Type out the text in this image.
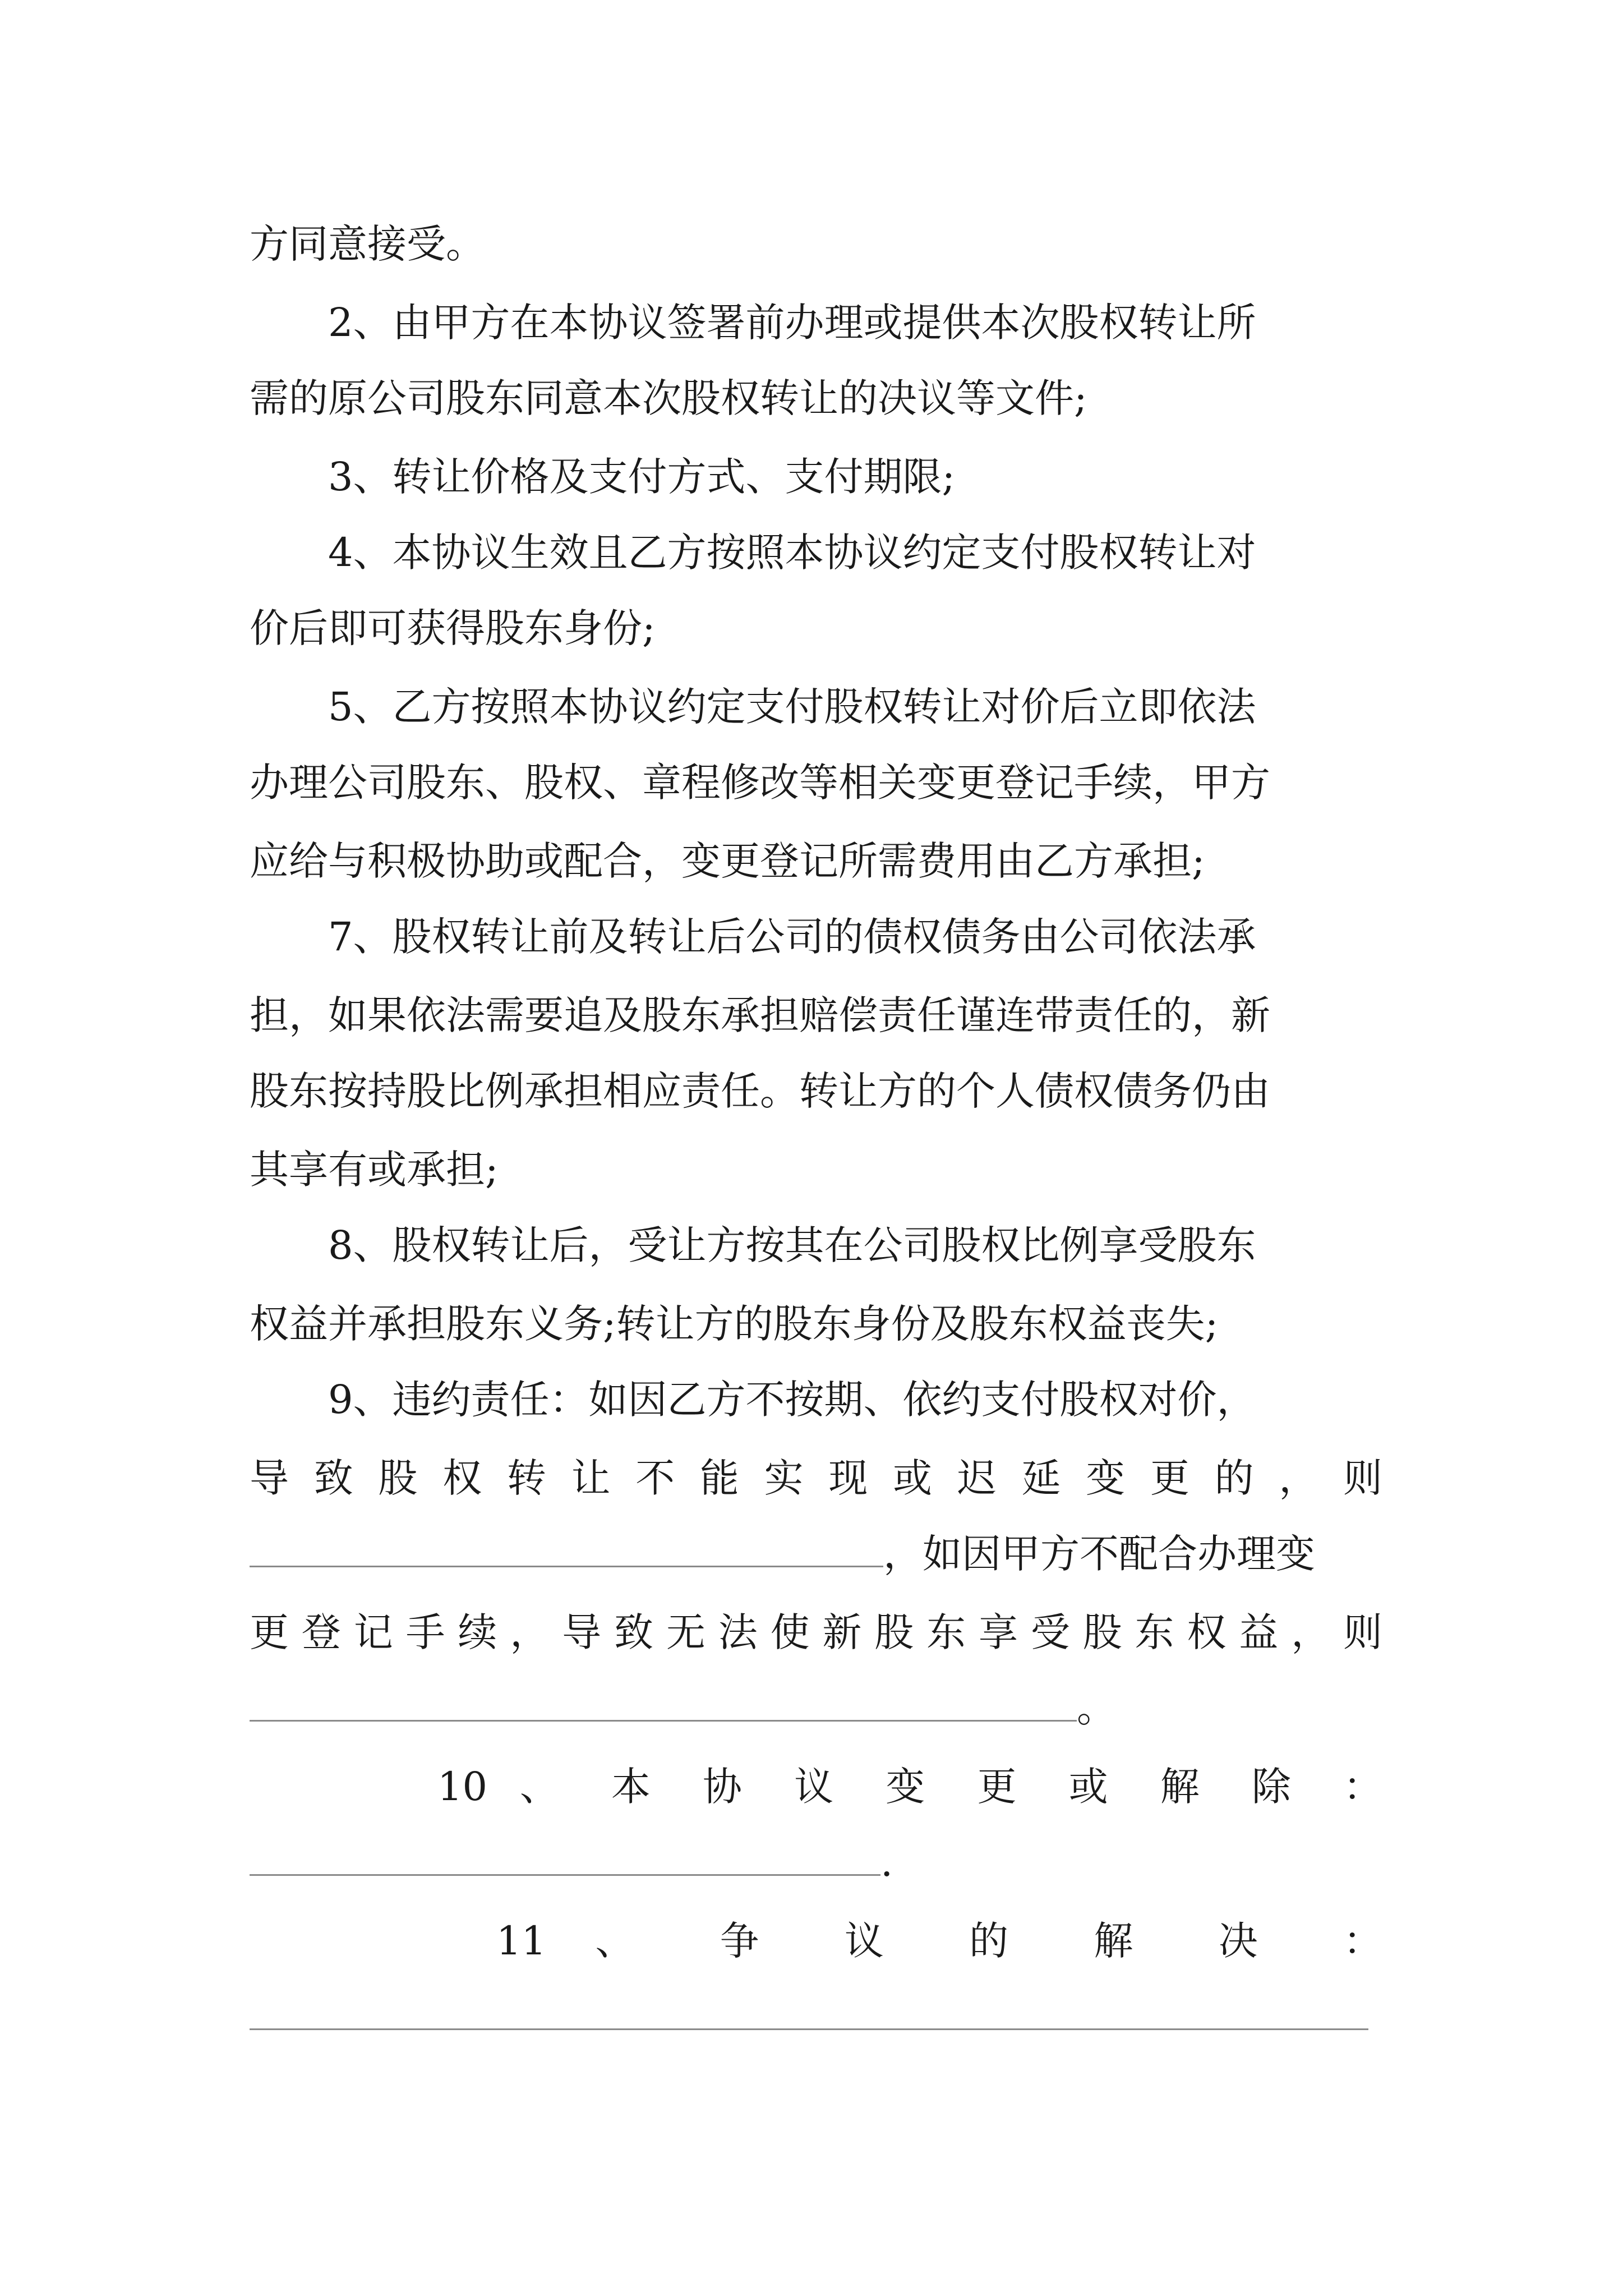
方同意接受。
2、由甲方在本协议签署前办理或提供本次股权转让所
需的原公司股东同意本次股权转让的决议等文件;
3、转让价格及支付方式、支付期限;
4、本协议生效且乙方按照本协议约定支付股权转让对
价后即可获得股东身份;
5、乙方按照本协议约定支付股权转让对价后立即依法
办理公司股东、股权、章程修改等相关变更登记手续，甲方
应给与积极协助或配合，变更登记所需费用由乙方承担;
7、股权转让前及转让后公司的债权债务由公司依法承
担，如果依法需要追及股东承担赔偿责任谨连带责任的，新
股东按持股比例承担相应责任。转让方的个人债权债务仍由
其享有或承担;
8、股权转让后，受让方按其在公司股权比例享受股东
权益并承担股东义务;转让方的股东身份及股东权益丧失;
9、违约责任：如因乙方不按期、依约支付股权对价，
导 致 股 权 转 让 不 能 实 现 或 迟 延 变 更 的 ， 则
，如因甲方不配合办理变
更 登 记 手 续 ， 导 致 无 法 使 新 股 东 享 受 股 东 权 益 ， 则
。
10 、 本 协 议 变 更 或 解 除 ：
.
11 、 争 议 的 解 决 ：
